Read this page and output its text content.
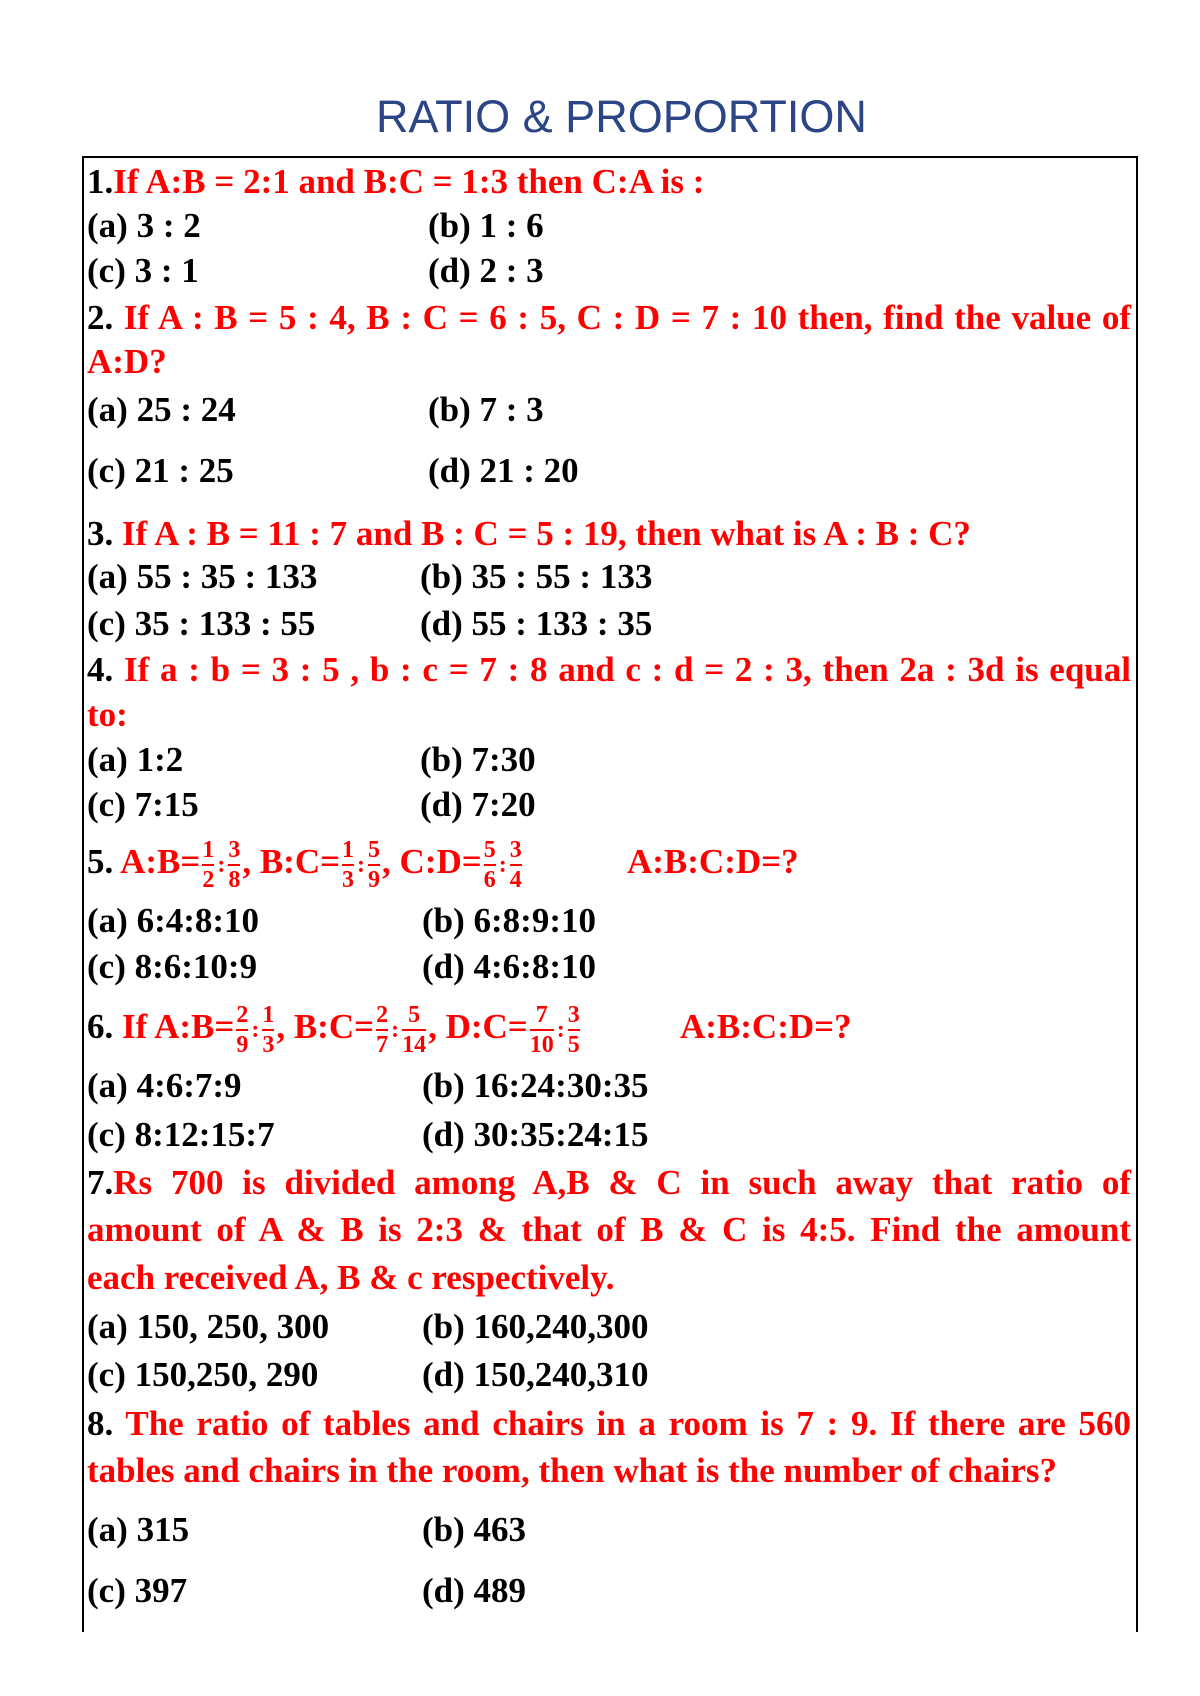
RATIO & PROPORTION
1.If A:B = 2:1 and B:C = 1:3 then C:A is :
(a) 3 : 2	(b) 1 : 6
(c) 3 : 1	(d) 2 : 3
2. If A : B = 5 : 4, B : C = 6 : 5, C : D = 7 : 10 then, find the value of
A:D?
(a) 25 : 24	(b) 7 : 3
(c) 21 : 25	(d) 21 : 20
3. If A : B = 11 : 7 and B : C = 5 : 19, then what is A : B : C?
(a) 55 : 35 : 133	(b) 35 : 55 : 133
(c) 35 : 133 : 55	(d) 55 : 133 : 35
4. If a : b = 3 : 5 , b : c = 7 : 8 and c : d = 2 : 3, then 2a : 3d is equal
to:
(a) 1:2	(b) 7:30
(c) 7:15	(d) 7:20
5. A:B= $\frac{1}{2}$ : $\frac{3}{8}$ , B:C= $\frac{1}{3}$ : $\frac{5}{9}$ , C:D= $\frac{5}{6}$ : $\frac{3}{4}$	A:B:C:D=?
(a) 6:4:8:10	(b) 6:8:9:10
(c) 8:6:10:9	(d) 4:6:8:10
6. If A:B= $\frac{2}{9}$ : $\frac{1}{3}$ , B:C= $\frac{2}{7}$ : $\frac{5}{14}$ , D:C= $\frac{7}{10}$ : $\frac{3}{5}$	A:B:C:D=?
(a) 4:6:7:9	(b) 16:24:30:35
(c) 8:12:15:7	(d) 30:35:24:15
7.Rs 700 is divided among A,B & C in such away that ratio of
amount of A & B is 2:3 & that of B & C is 4:5. Find the amount
each received A, B & c respectively.
(a) 150, 250, 300	(b) 160,240,300
(c) 150,250, 290	(d) 150,240,310
8. The ratio of tables and chairs in a room is 7 : 9. If there are 560
tables and chairs in the room, then what is the number of chairs?
(a) 315	(b) 463
(c) 397	(d) 489
